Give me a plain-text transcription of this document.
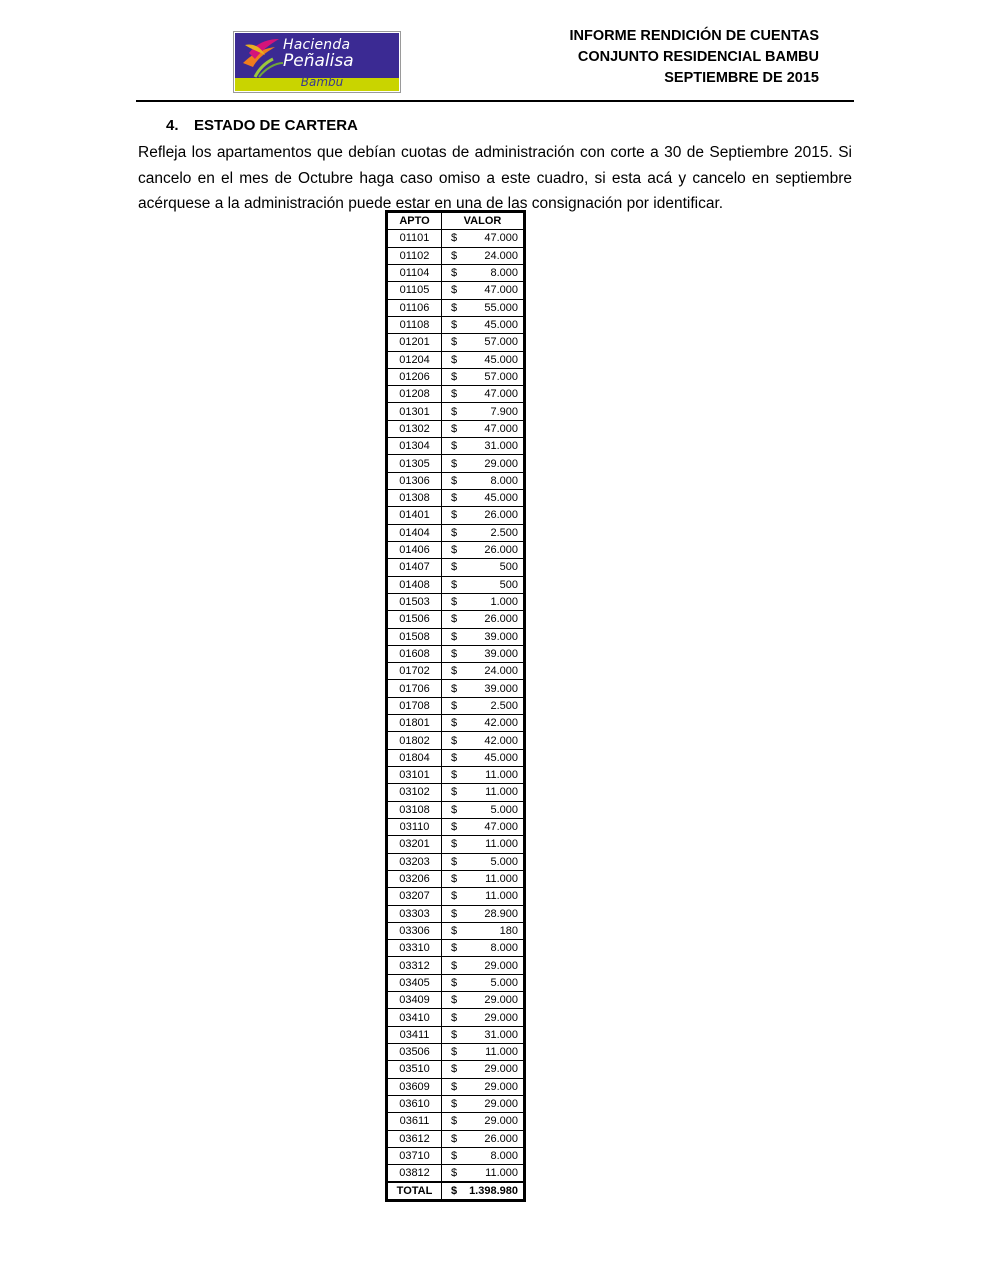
Hacienda
Peñalisa
Bambú
INFORME RENDICIÓN DE CUENTAS
CONJUNTO RESIDENCIAL BAMBU
SEPTIEMBRE DE 2015
4. ESTADO DE CARTERA

Refleja los apartamentos que debían cuotas de administración con corte a 30 de Septiembre 2015. Si cancelo en el mes de Octubre haga caso omiso a este cuadro, si esta acá y cancelo en septiembre acérquese a la administración puede estar en una de las consignación por identificar.

APTO	VALOR
01101	$ 47.000

01102	$ 24.000

01104	$ 8.000

01105	$ 47.000

01106	$ 55.000

01108	$ 45.000

01201	$ 57.000

01204	$ 45.000

01206	$ 57.000

01208	$ 47.000

01301	$ 7.900

01302	$ 47.000

01304	$ 31.000

01305	$ 29.000

01306	$ 8.000

01308	$ 45.000

01401	$ 26.000

01404	$ 2.500

01406	$ 26.000

01407	$ 500

01408	$ 500

01503	$ 1.000

01506	$ 26.000

01508	$ 39.000

01608	$ 39.000

01702	$ 24.000

01706	$ 39.000

01708	$ 2.500

01801	$ 42.000

01802	$ 42.000

01804	$ 45.000

03101	$ 11.000

03102	$ 11.000

03108	$ 5.000

03110	$ 47.000

03201	$ 11.000

03203	$ 5.000

03206	$ 11.000

03207	$ 11.000

03303	$ 28.900

03306	$ 180

03310	$ 8.000

03312	$ 29.000

03405	$ 5.000

03409	$ 29.000

03410	$ 29.000

03411	$ 31.000

03506	$ 11.000

03510	$ 29.000

03609	$ 29.000

03610	$ 29.000

03611	$ 29.000

03612	$ 26.000

03710	$ 8.000

03812	$ 11.000

TOTAL	$ 1.398.980
